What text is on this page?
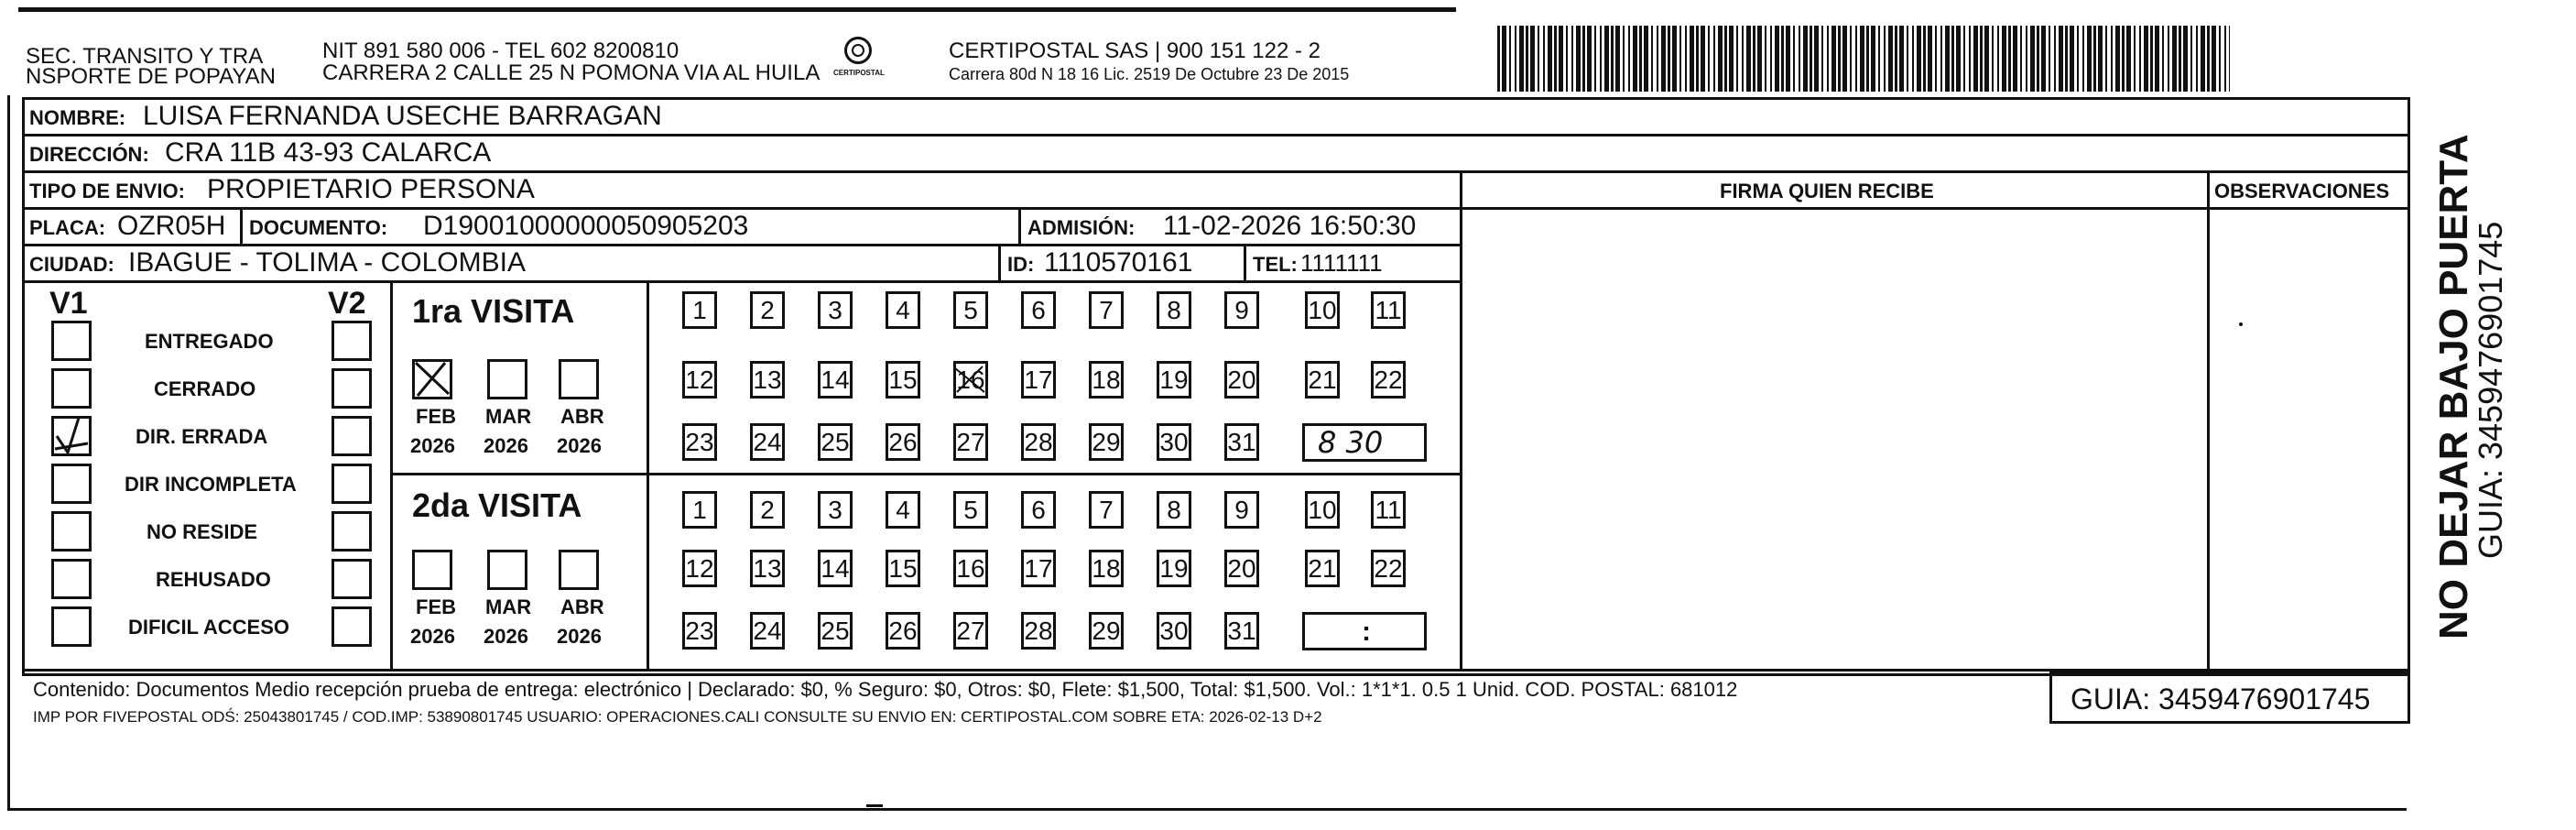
SEC. TRANSITO Y TRA
NSPORTE DE POPAYAN
NIT 891 580 006 - TEL 602 8200810
CARRERA 2 CALLE 25 N POMONA VIA AL HUILA CERTIPOSTAL
CERTIPOSTAL SAS | 900 151 122 - 2
Carrera 80d N 18 16 Lic. 2519 De Octubre 23 De 2015
NOMBRE: LUISA FERNANDA USECHE BARRAGAN
DIRECCIÓN: CRA 11B 43-93 CALARCA
TIPO DE ENVIO: PROPIETARIO PERSONA
PLACA: OZR05H DOCUMENTO: D19001000000050905203	ADMISIÓN: 11-02-2026 16:50:30
CIUDAD: IBAGUE - TOLIMA - COLOMBIA	ID: 1110570161	TEL: 1111111
FIRMA QUIEN RECIBE	OBSERVACIONES
V1	V2
ENTREGADO
CERRADO
DIR. ERRADA
DIR INCOMPLETA
NO RESIDE
REHUSADO
DIFICIL ACCESO
1ra VISITA
2da VISITA
FEB MAR ABR
2026 2026 2026
FEB MAR ABR
2026 2026 2026
1	2	3	4	5	6	7	8	9	10 11
12 13 14 15 16 17 18 19 20 21 22
23 24 25 26 27 28 29 30 31
1	2	3	4	5	6	7	8	9	10 11
12 13 14 15 16 17 18 19 20 21 22
23 24 25 26 27 28 29 30 31
8 30
:
Contenido: Documentos Medio recepción prueba de entrega: electrónico | Declarado: $0, % Seguro: $0, Otros: $0, Flete: $1,500, Total: $1,500. Vol.: 1*1*1. 0.5 1 Unid. COD. POSTAL: 681012
IMP POR FIVEPOSTAL ODŚ: 25043801745 / COD.IMP: 53890801745 USUARIO: OPERACIONES.CALI CONSULTE SU ENVIO EN: CERTIPOSTAL.COM SOBRE ETA: 2026-02-13 D+2
GUIA: 3459476901745
NO DEJAR BAJO PUERTA
GUIA: 3459476901745
